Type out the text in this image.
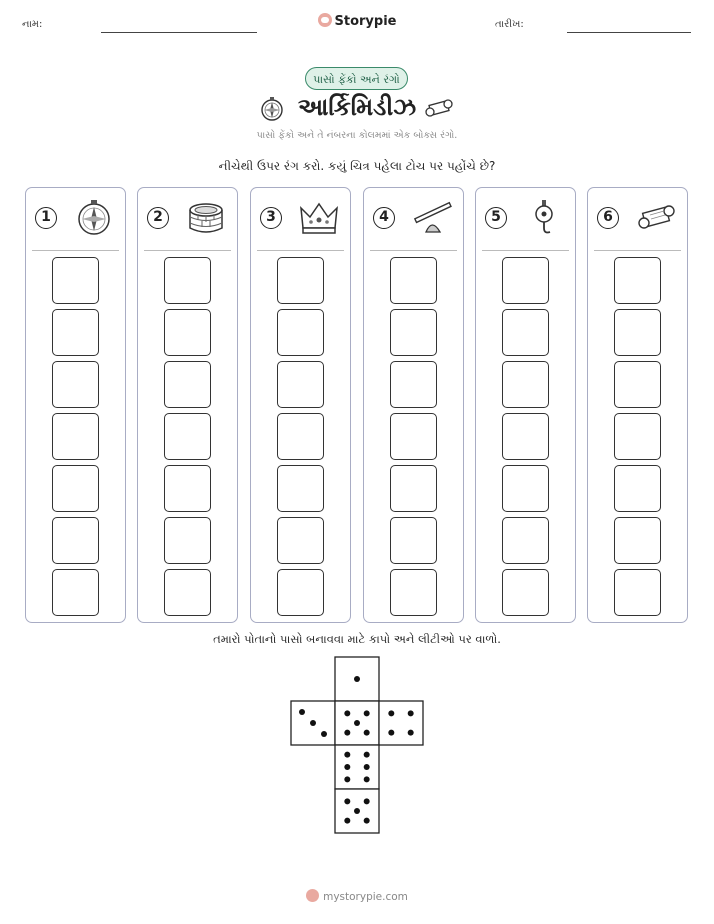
નામ:	Storypie	તારીખ:
પાસો ફેંકો અને રંગો
આર્કિમિડીઝ
પાસો ફેંકો અને તે નંબરના કોલમમાં એક બોક્સ રંગો.
નીચેથી ઉપર રંગ કરો. કયું ચિત્ર પહેલા ટોચ પર પહોંચે છે?
1	2	3	4	5	6
તમારો પોતાનો પાસો બનાવવા માટે કાપો અને લીટીઓ પર વાળો.
mystorypie.com
